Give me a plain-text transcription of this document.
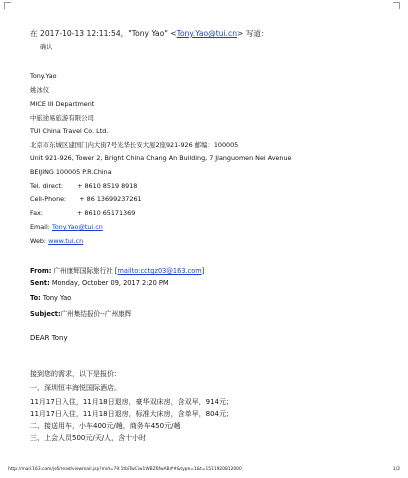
在 2017-10-13 12:11:54，"Tony Yao" <Tony.Yao@tui.cn> 写道：
确认
Tony.Yao
姚冰仪
MICE III Department
中旅途易旅游有限公司
TUI China Travel Co. Ltd.
北京市东城区建国门内大街7号光华长安大厦2座921-926 邮编：100005
Unit 921-926, Tower 2, Bright China Chang An Building, 7 Jianguomen Nei Avenue
BEIJING 100005 P.R.China
Tel. direct: + 8610 8519 8918
Cell-Phone: + 86 13699237261
Fax:	+ 8610 65171369
Email: Tony.Yao@tui.cn
Web: www.tui.cn
From: 广州康辉国际旅行社 [mailto:cctgz03@163.com]
Sent: Monday, October 09, 2017 2:20 PM
To: Tony Yao
Subject:广州集结报价--广州康辉
DEAR Tony
接到您的需求，以下是报价：
一、深圳恒丰海悦国际酒店。
11月17日入住，11月18日退房，豪华双床房，含双早，914元；
11月17日入住，11月18日退房，标准大床房，含单早，804元；
二、接送用车，小车400元/趟，商务车450元/趟
三、上会人员500元/天/人，含十小时
http://mail.163.com/js6/read/viewmail.jsp?mid=79:1tbiTwCiw1WBZ6fwAB##&type=1&t=1511920812000	1/2
